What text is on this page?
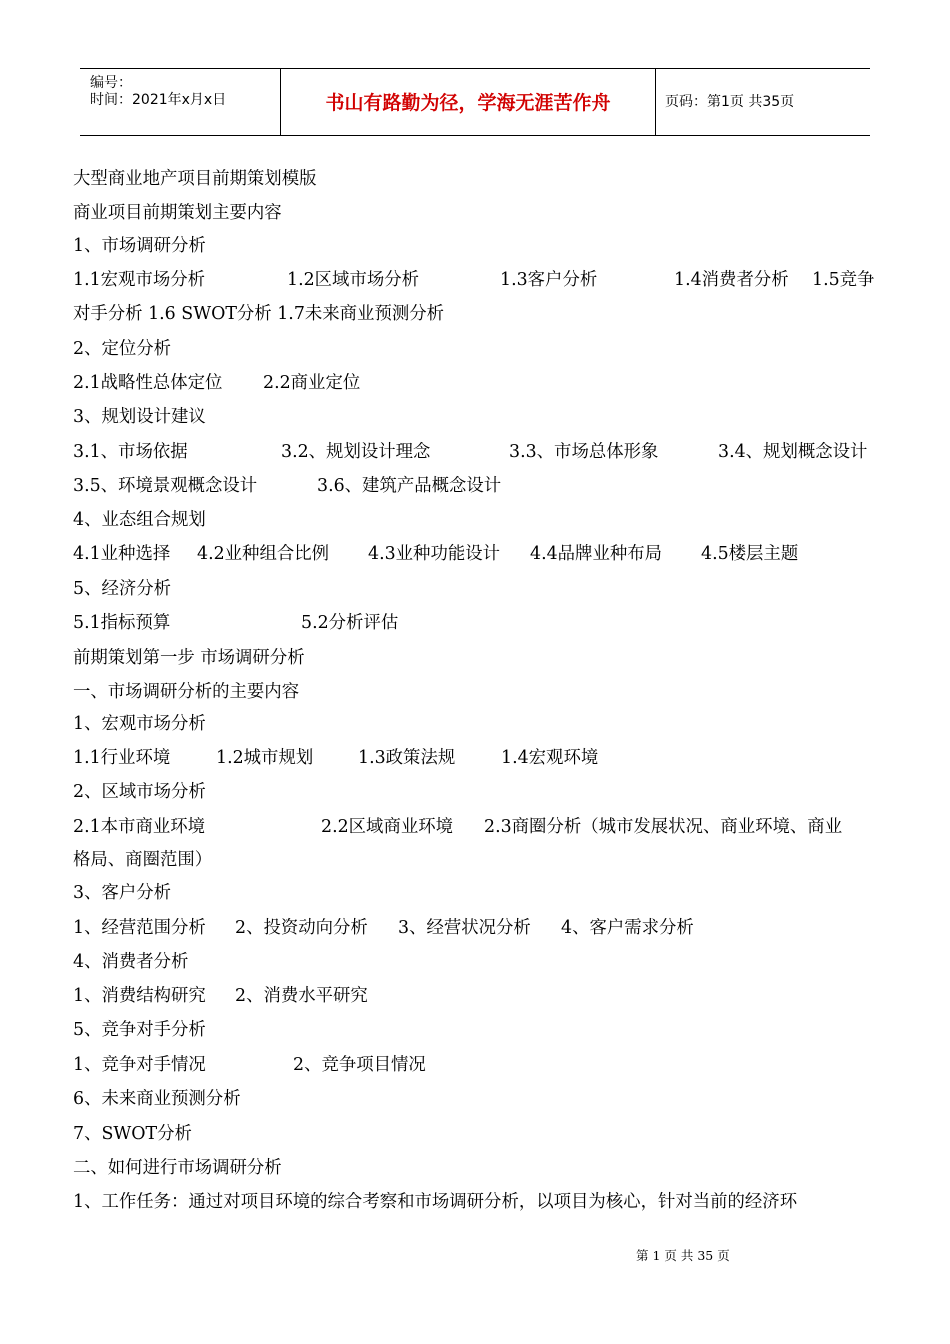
编号：
时间：2021年x月x日	书山有路勤为径，学海无涯苦作舟	页码：第1页 共35页
大型商业地产项目前期策划模版
商业项目前期策划主要内容
1、市场调研分析
1.1宏观市场分析	1.2区域市场分析	1.3客户分析	1.4消费者分析 1.5竞争
对手分析 1.6 SWOT分析 1.7未来商业预测分析
2、定位分析
2.1战略性总体定位 2.2商业定位
3、规划设计建议
3.1、市场依据	3.2、规划设计理念	3.3、市场总体形象	3.4、规划概念设计
3.5、环境景观概念设计	3.6、建筑产品概念设计
4、业态组合规划
4.1业种选择 4.2业种组合比例 4.3业种功能设计 4.4品牌业种布局 4.5楼层主题
5、经济分析
5.1指标预算	5.2分析评估
前期策划第一步 市场调研分析
一、市场调研分析的主要内容
1、宏观市场分析
1.1行业环境	1.2城市规划	1.3政策法规	1.4宏观环境
2、区域市场分析
2.1本市商业环境	2.2区域商业环境 2.3商圈分析（城市发展状况、商业环境、商业
格局、商圈范围）
3、客户分析
1、经营范围分析 2、投资动向分析 3、经营状况分析 4、客户需求分析
4、消费者分析
1、消费结构研究 2、消费水平研究
5、竞争对手分析
1、竞争对手情况	2、竞争项目情况
6、未来商业预测分析
7、SWOT分析
二、如何进行市场调研分析
1、工作任务：通过对项目环境的综合考察和市场调研分析，以项目为核心，针对当前的经济环
第 1 页 共 35 页
